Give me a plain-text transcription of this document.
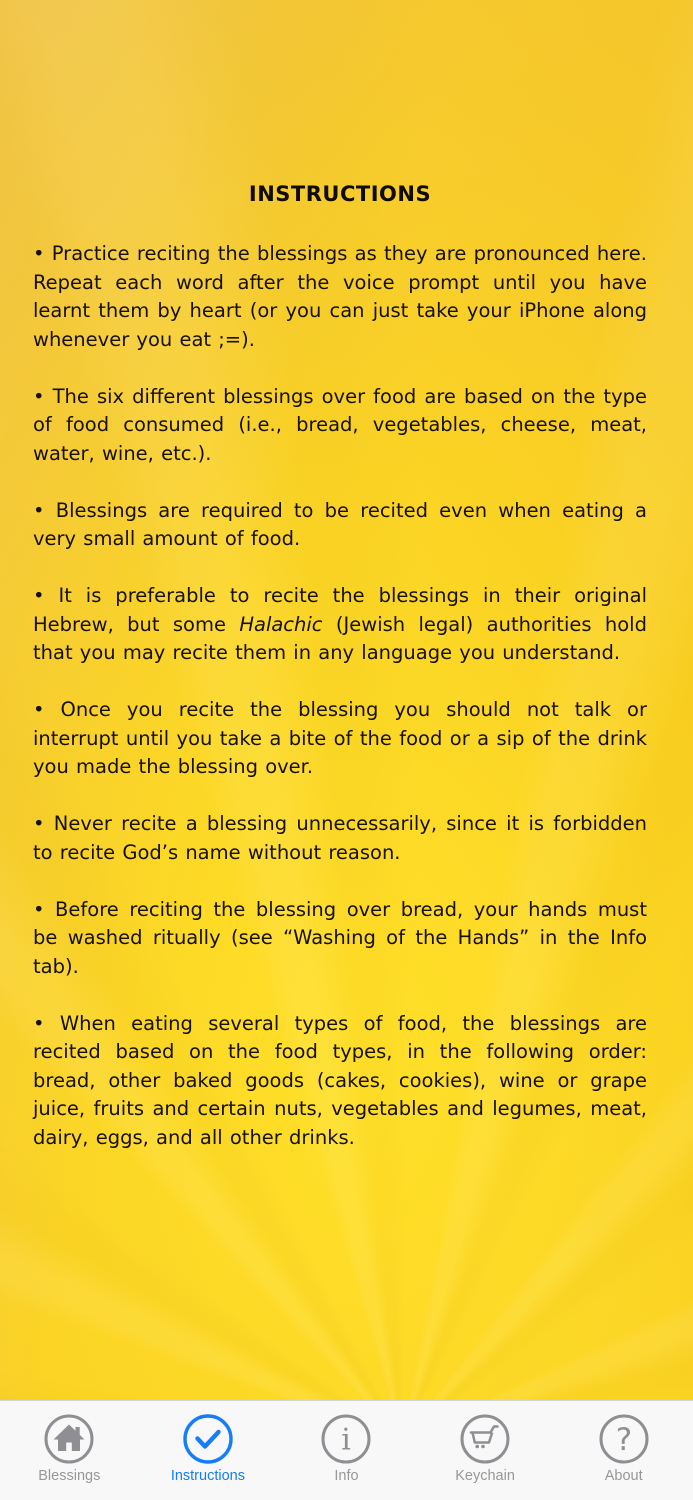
INSTRUCTIONS

• Practice reciting the blessings as they are pronounced here. Repeat each word after the voice prompt until you have learnt them by heart (or you can just take your iPhone along whenever you eat ;=).

• The six different blessings over food are based on the type of food consumed (i.e., bread, vegetables, cheese, meat, water, wine, etc.).

• Blessings are required to be recited even when eating a very small amount of food.

• It is preferable to recite the blessings in their original Hebrew, but some Halachic (Jewish legal) authorities hold that you may recite them in any language you understand.

• Once you recite the blessing you should not talk or interrupt until you take a bite of the food or a sip of the drink you made the blessing over.

• Never recite a blessing unnecessarily, since it is forbidden to recite God’s name without reason.

• Before reciting the blessing over bread, your hands must be washed ritually (see “Washing of the Hands” in the Info tab).

• When eating several types of food, the blessings are recited based on the food types, in the following order: bread, other baked goods (cakes, cookies), wine or grape juice, fruits and certain nuts, vegetables and legumes, meat, dairy, eggs, and all other drinks.

Blessings	Instructions
i
Info	Keychain
?
About
